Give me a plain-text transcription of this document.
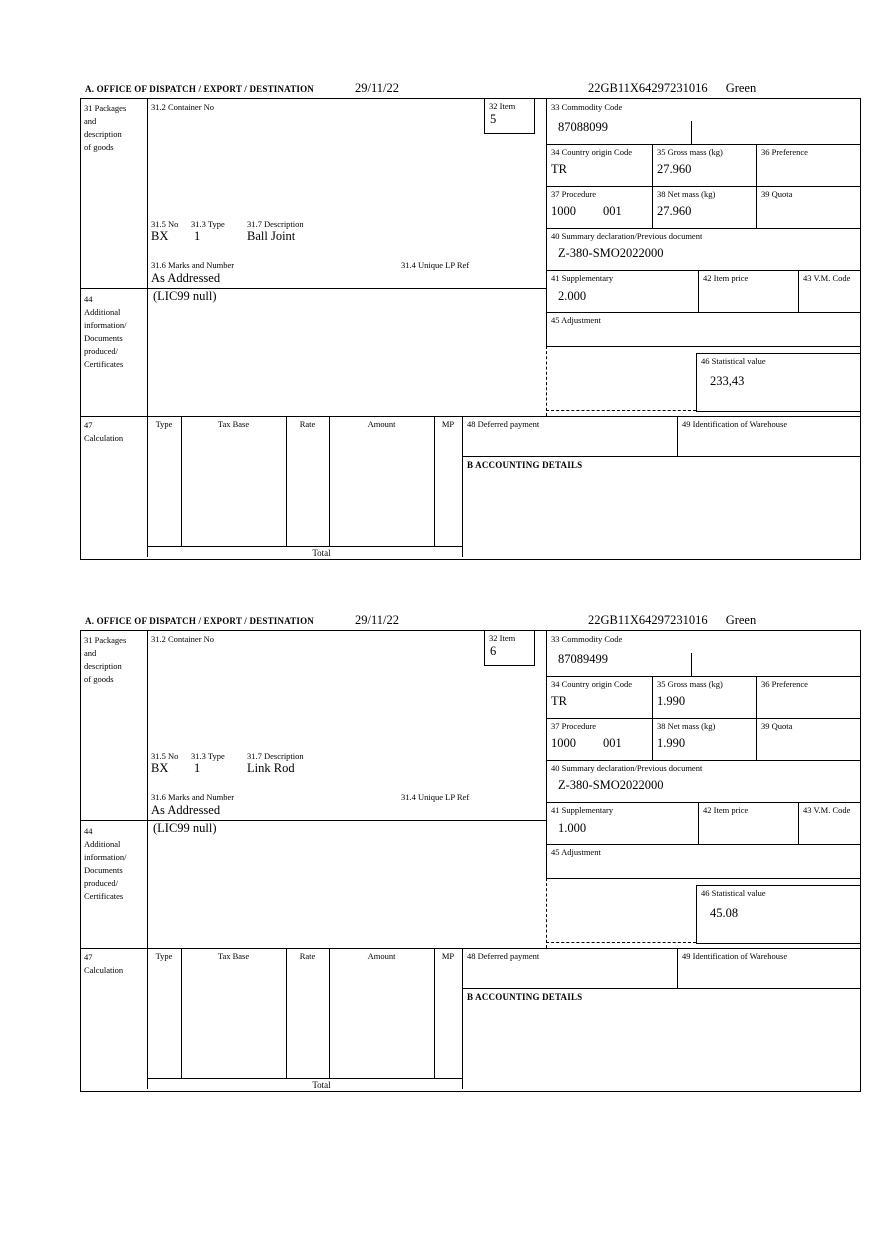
A. OFFICE OF DISPATCH / EXPORT / DESTINATION	29/11/22	22GB11X64297231016 Green
31 Packages
and
description
of goods
44
Additional
information/
Documents
produced/
Certificates
47
Calculation
31.2 Container No
31.5 No 31.3 Type	31.7 Description
BX 1	Ball Joint
31.6 Marks and Number	31.4 Unique LP Ref
As Addressed
(LIC99 null)
32 Item
5
33 Commodity Code
87088099
34 Country origin Code
TR
35 Gross mass (kg)
27.960
36 Preference
37 Procedure
1000 001
38 Net mass (kg)
27.960
39 Quota
40 Summary declaration/Previous document
Z-380-SMO2022000
41 Supplementary
2.000
42 Item price	43 V.M. Code
45 Adjustment
46 Statistical value
233,43
Type	Tax Base	Rate	Amount	MP
Total
48 Deferred payment	49 Identification of Warehouse
B ACCOUNTING DETAILS
A. OFFICE OF DISPATCH / EXPORT / DESTINATION	29/11/22	22GB11X64297231016 Green
31 Packages
and
description
of goods
44
Additional
information/
Documents
produced/
Certificates
47
Calculation
31.2 Container No
31.5 No 31.3 Type	31.7 Description
BX 1	Link Rod
31.6 Marks and Number	31.4 Unique LP Ref
As Addressed
(LIC99 null)
32 Item
6
33 Commodity Code
87089499
34 Country origin Code
TR
35 Gross mass (kg)
1.990
36 Preference
37 Procedure
1000 001
38 Net mass (kg)
1.990
39 Quota
40 Summary declaration/Previous document
Z-380-SMO2022000
41 Supplementary
1.000
42 Item price	43 V.M. Code
45 Adjustment
46 Statistical value
45.08
Type	Tax Base	Rate	Amount	MP
Total
48 Deferred payment	49 Identification of Warehouse
B ACCOUNTING DETAILS
